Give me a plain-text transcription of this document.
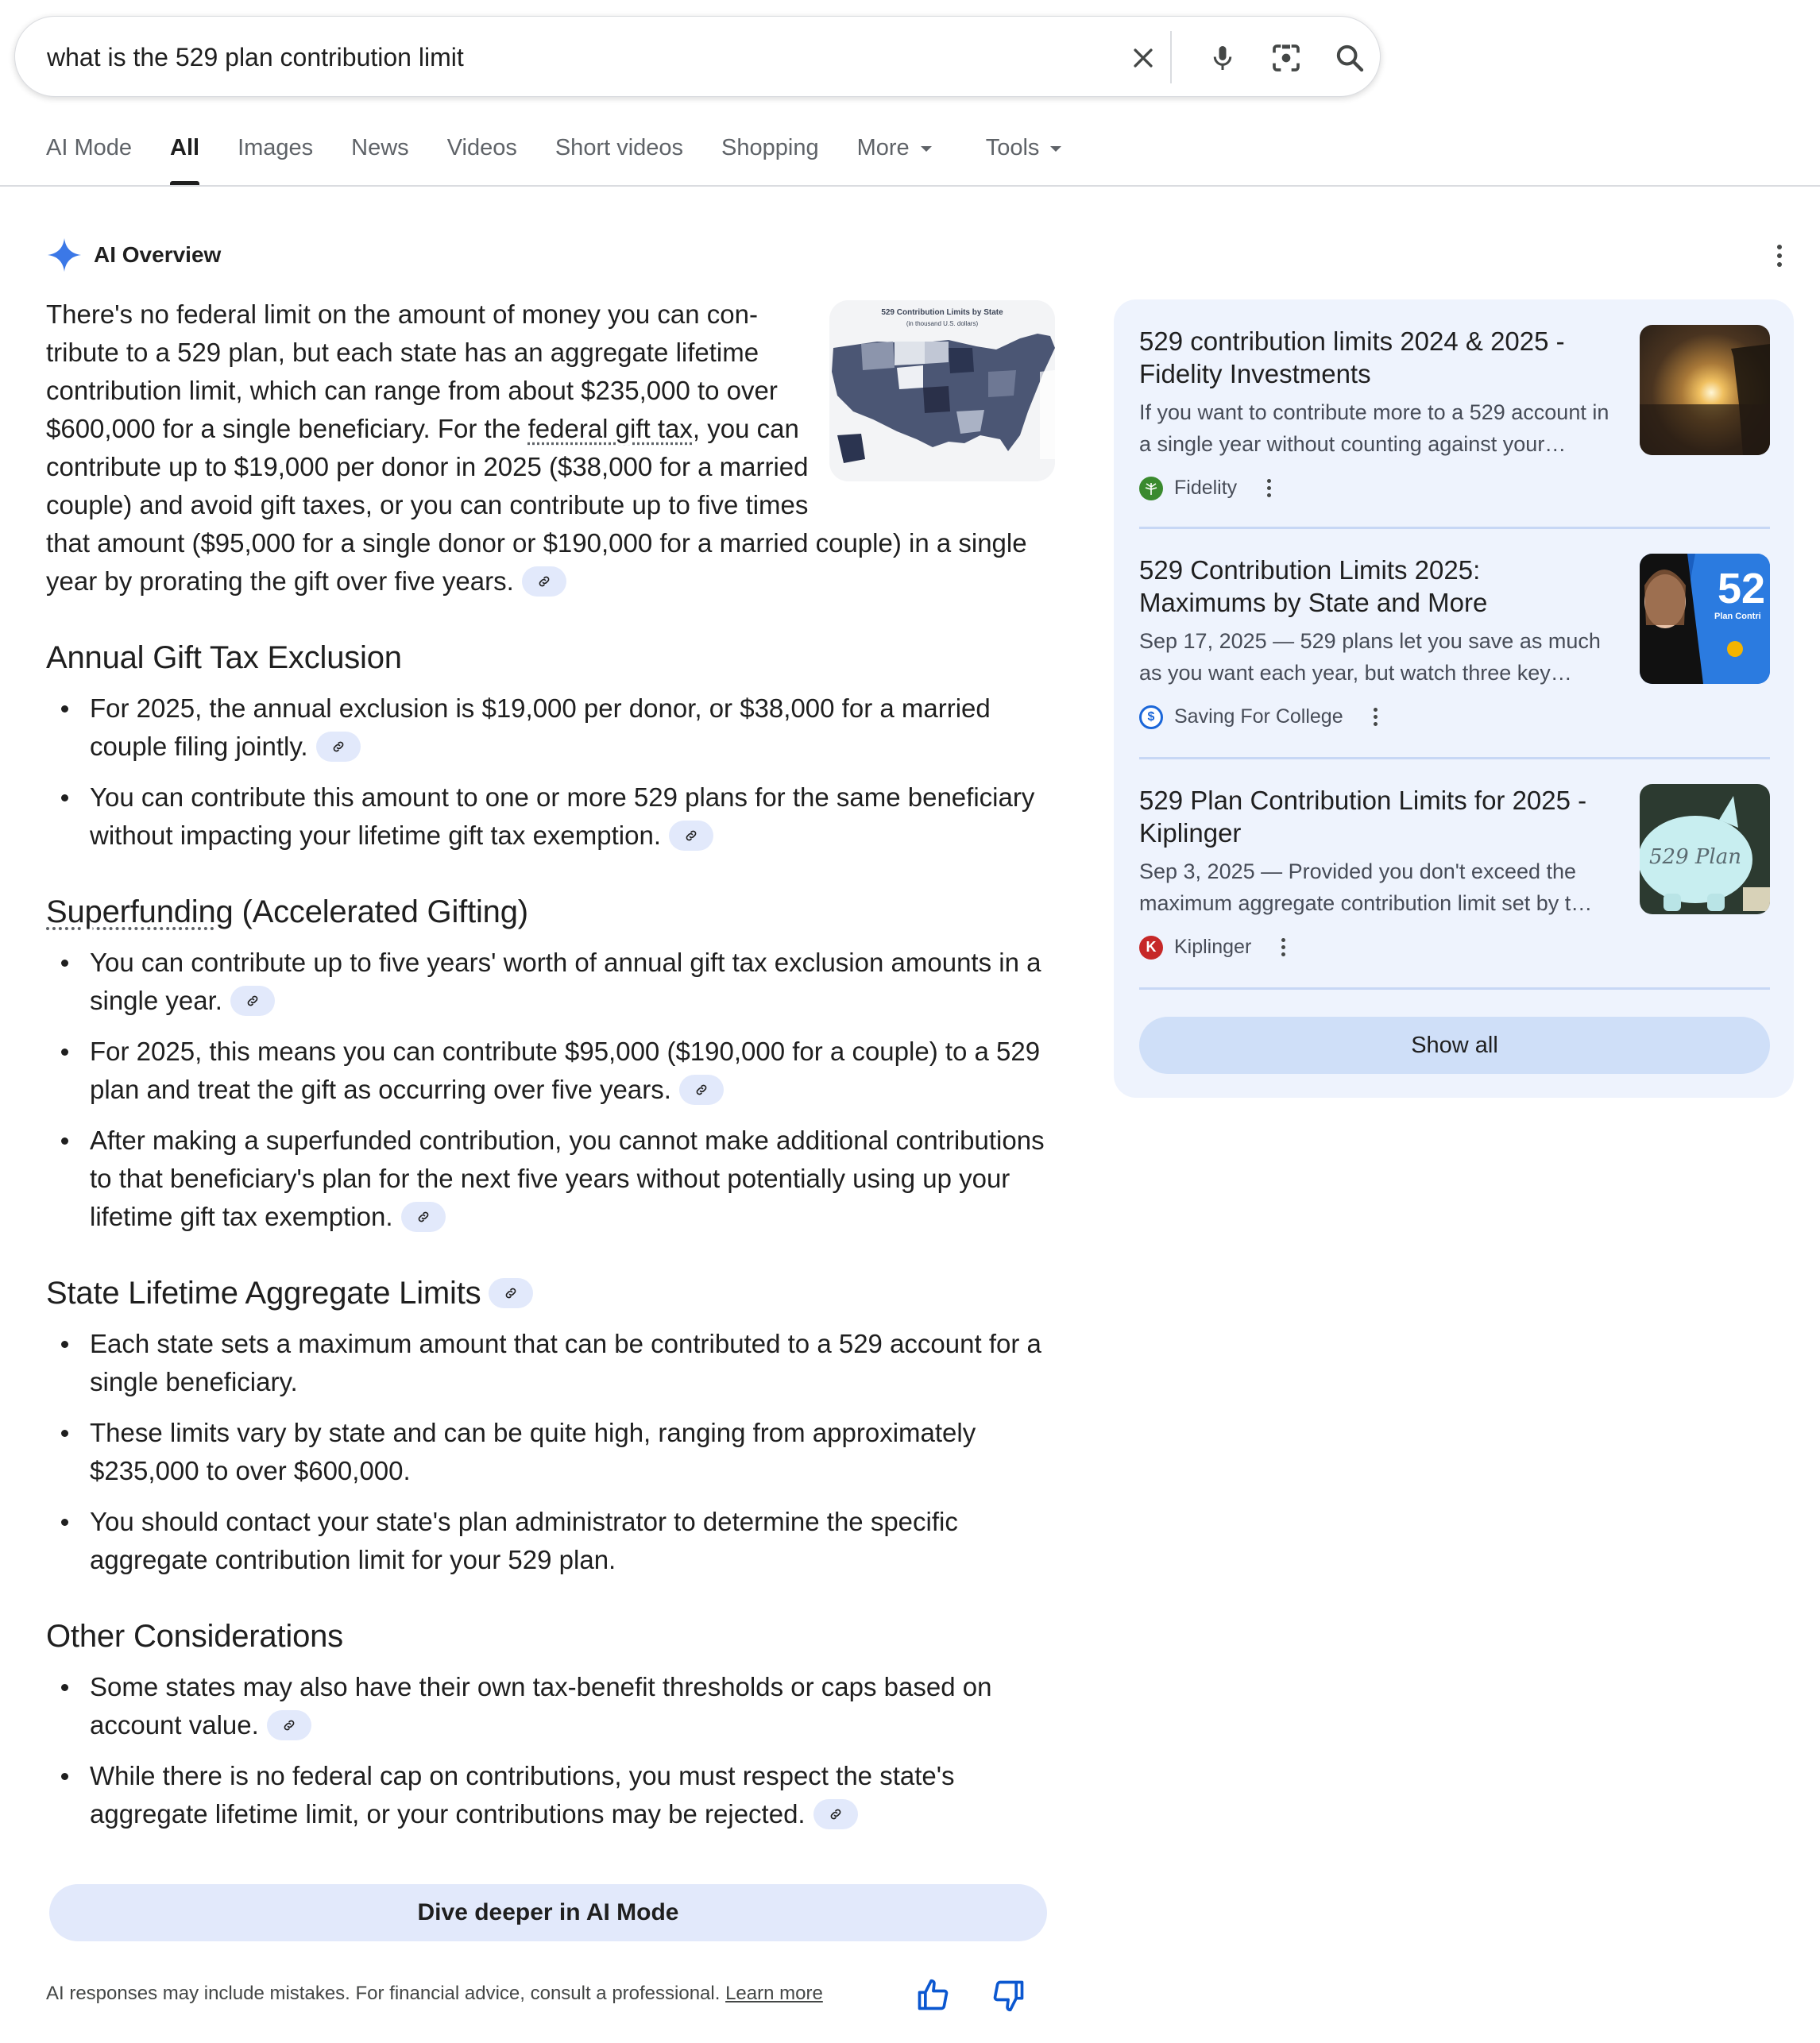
what is the 529 plan contribution limit
AI Mode All Images News Videos Short videos Shopping More	Tools
AI Overview
529 Contribution Limits by State
(in thousand U.S. dollars)
There's no federal limit on the amount of money you can contribute to a 529 plan, but each state has an aggregate lifetime contribution limit, which can range from about $235,000 to over $600,000 for a single beneficiary. For the federal gift tax, you can contribute up to $19,000 per donor in 2025 ($38,000 for a married couple) and avoid gift taxes, or you can contribute up to five times that amount ($95,000 for a single donor or $190,000 for a married couple) in a single year by prorating the gift over five years.
Annual Gift Tax Exclusion
For 2025, the annual exclusion is $19,000 per donor, or $38,000 for a married couple filing jointly.
You can contribute this amount to one or more 529 plans for the same beneficiary without impacting your lifetime gift tax exemption.
Superfunding (Accelerated Gifting)
You can contribute up to five years' worth of annual gift tax exclusion amounts in a single year.
For 2025, this means you can contribute $95,000 ($190,000 for a couple) to a 529 plan and treat the gift as occurring over five years.
After making a superfunded contribution, you cannot make additional contributions to that beneficiary's plan for the next five years without potentially using up your lifetime gift tax exemption.
State Lifetime Aggregate Limits
Each state sets a maximum amount that can be contributed to a 529 account for a single beneficiary.
These limits vary by state and can be quite high, ranging from approximately $235,000 to over $600,000.
You should contact your state's plan administrator to determine the specific aggregate contribution limit for your 529 plan.
Other Considerations
Some states may also have their own tax-benefit thresholds or caps based on account value.
While there is no federal cap on contributions, you must respect the state's aggregate lifetime limit, or your contributions may be rejected.
Dive deeper in AI Mode
AI responses may include mistakes. For financial advice, consult a professional. Learn more
529 contribution limits 2024 & 2025 - Fidelity Investments
If you want to contribute more to a 529 account in a single year without counting against your…
Fidelity
529 Contribution Limits 2025: Maximums by State and More
Sep 17, 2025 — 529 plans let you save as much as you want each year, but watch three key…
$ Saving For College
52
Plan Contri
529 Plan Contribution Limits for 2025 - Kiplinger
Sep 3, 2025 — Provided you don't exceed the maximum aggregate contribution limit set by t…
K Kiplinger
529 Plan
Show all
